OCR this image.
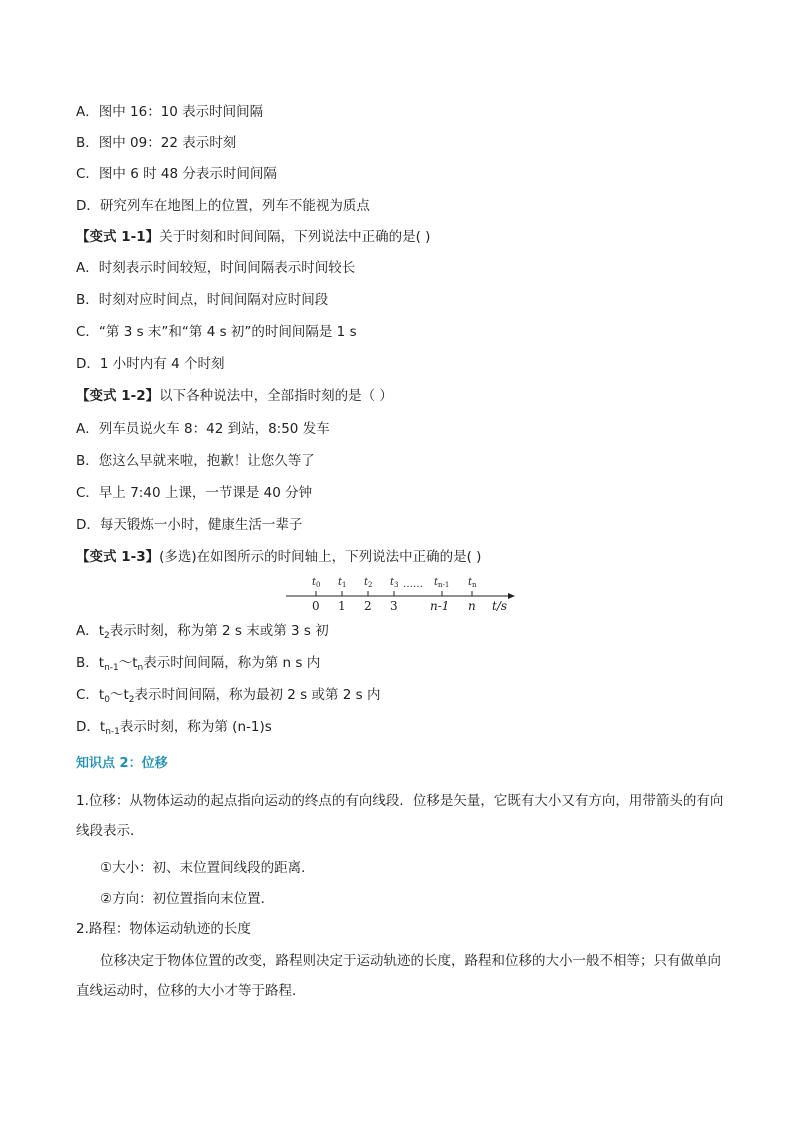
A．图中 16：10 表示时间间隔
B．图中 09：22 表示时刻
C．图中 6 时 48 分表示时间间隔
D．研究列车在地图上的位置，列车不能视为质点
【变式 1-1】关于时刻和时间间隔，下列说法中正确的是( )
A．时刻表示时间较短，时间间隔表示时间较长
B．时刻对应时间点，时间间隔对应时间段
C．“第 3 s 末”和“第 4 s 初”的时间间隔是 1 s
D．1 小时内有 4 个时刻
【变式 1-2】以下各种说法中，全部指时刻的是（ ）
A．列车员说火车 8：42 到站，8:50 发车
B．您这么早就来啦，抱歉！让您久等了
C．早上 7:40 上课，一节课是 40 分钟
D．每天锻炼一小时，健康生活一辈子
【变式 1-3】(多选)在如图所示的时间轴上，下列说法中正确的是( )
$t_0$ $t_1$ $t_2$ $t_3$ …… $t_{n-1}$ $t_n$
0 1 2 3	n-1 n t/s
A．$t_2$表示时刻，称为第 2 s 末或第 3 s 初
B．$t_{n-1}\sim t_n$表示时间间隔，称为第 n s 内
C．$t_0\sim t_2$表示时间间隔，称为最初 2 s 或第 2 s 内
D．$t_{n-1}$表示时刻，称为第 (n-1)s
知识点 2：位移
1.位移：从物体运动的起点指向运动的终点的有向线段．位移是矢量，它既有大小又有方向，用带箭头的有向线段表示．
①大小：初、末位置间线段的距离．
②方向：初位置指向末位置．
2.路程：物体运动轨迹的长度
位移决定于物体位置的改变，路程则决定于运动轨迹的长度，路程和位移的大小一般不相等；只有做单向直线运动时，位移的大小才等于路程．
